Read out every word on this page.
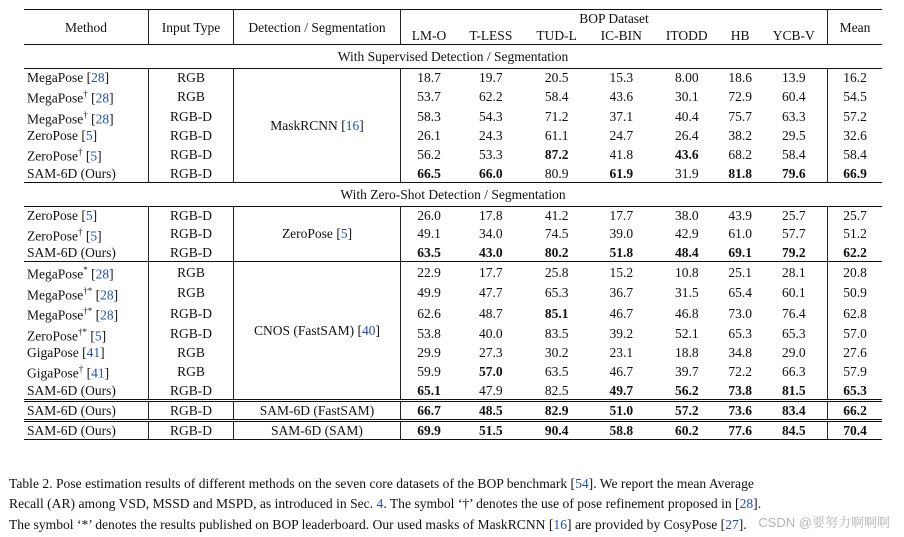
Method	Input Type	Detection / Segmentation	BOP Dataset							Mean
			LM-O	T-LESS	TUD-L	IC-BIN	ITODD	HB	YCB-V	
With Supervised Detection / Segmentation										
MegaPose [28]	RGB	MaskRCNN [16]	18.7	19.7	20.5	15.3	8.00	18.6	13.9	16.2
MegaPose† [28]	RGB		53.7	62.2	58.4	43.6	30.1	72.9	60.4	54.5
MegaPose† [28]	RGB-D		58.3	54.3	71.2	37.1	40.4	75.7	63.3	57.2
ZeroPose [5]	RGB-D		26.1	24.3	61.1	24.7	26.4	38.2	29.5	32.6
ZeroPose† [5]	RGB-D		56.2	53.3	87.2	41.8	43.6	68.2	58.4	58.4
SAM-6D (Ours)	RGB-D		66.5	66.0	80.9	61.9	31.9	81.8	79.6	66.9
With Zero-Shot Detection / Segmentation										
ZeroPose [5]	RGB-D	ZeroPose [5]	26.0	17.8	41.2	17.7	38.0	43.9	25.7	25.7
ZeroPose† [5]	RGB-D		49.1	34.0	74.5	39.0	42.9	61.0	57.7	51.2
SAM-6D (Ours)	RGB-D		63.5	43.0	80.2	51.8	48.4	69.1	79.2	62.2
MegaPose* [28]	RGB	CNOS (FastSAM) [40]	22.9	17.7	25.8	15.2	10.8	25.1	28.1	20.8
MegaPose†* [28]	RGB		49.9	47.7	65.3	36.7	31.5	65.4	60.1	50.9
MegaPose†* [28]	RGB-D		62.6	48.7	85.1	46.7	46.8	73.0	76.4	62.8
ZeroPose†* [5]	RGB-D		53.8	40.0	83.5	39.2	52.1	65.3	65.3	57.0
GigaPose [41]	RGB		29.9	27.3	30.2	23.1	18.8	34.8	29.0	27.6
GigaPose† [41]	RGB		59.9	57.0	63.5	46.7	39.7	72.2	66.3	57.9
SAM-6D (Ours)	RGB-D		65.1	47.9	82.5	49.7	56.2	73.8	81.5	65.3
SAM-6D (Ours)	RGB-D	SAM-6D (FastSAM)	66.7	48.5	82.9	51.0	57.2	73.6	83.4	66.2
SAM-6D (Ours)	RGB-D	SAM-6D (SAM)	69.9	51.5	90.4	58.8	60.2	77.6	84.5	70.4
Table 2. Pose estimation results of different methods on the seven core datasets of the BOP benchmark [54]. We report the mean Average
Recall (AR) among VSD, MSSD and MSPD, as introduced in Sec. 4. The symbol ‘†’ denotes the use of pose refinement proposed in [28].
The symbol ‘*’ denotes the results published on BOP leaderboard. Our used masks of MaskRCNN [16] are provided by CosyPose [27]. CSDN @要努力啊啊啊
